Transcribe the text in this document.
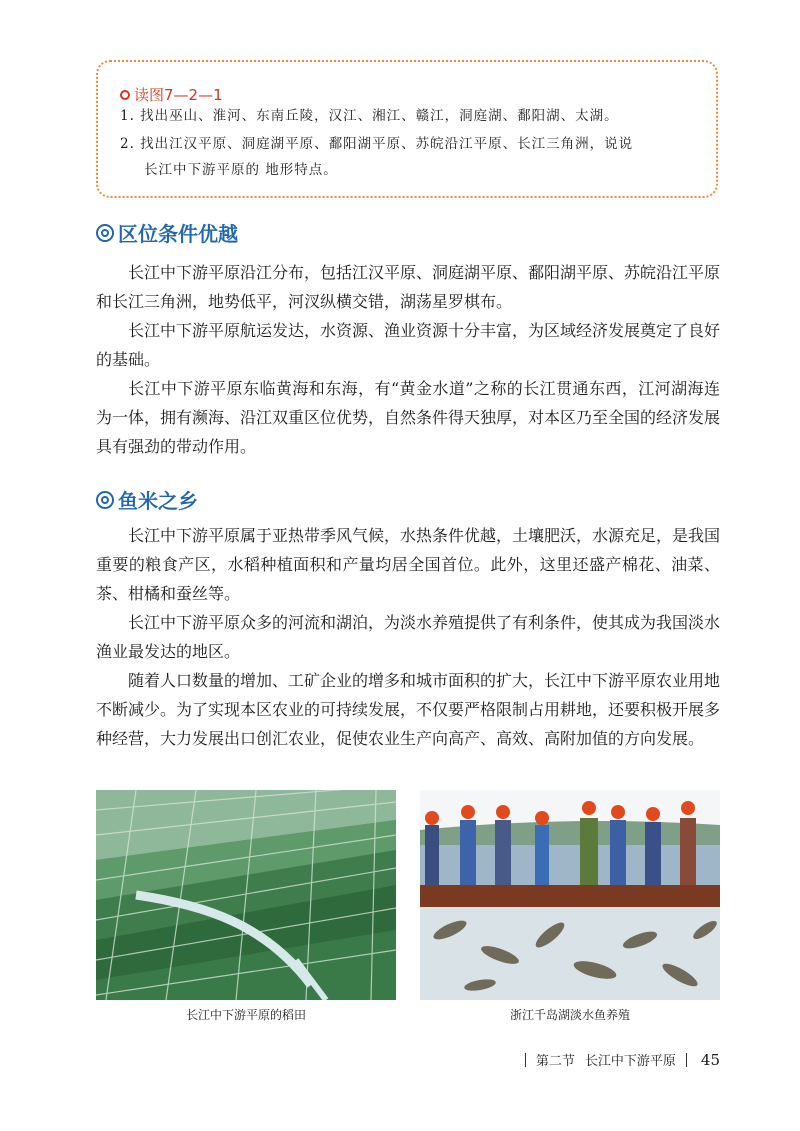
读图7—2—1
1. 找出巫山、淮河、东南丘陵，汉江、湘江、赣江，洞庭湖、鄱阳湖、太湖。
2. 找出江汉平原、洞庭湖平原、鄱阳湖平原、苏皖沿江平原、长江三角洲，说说
长江中下游平原的 地形特点。
区位条件优越

长江中下游平原沿江分布，包括江汉平原、洞庭湖平原、鄱阳湖平原、苏皖沿江平原和长江三角洲，地势低平，河汊纵横交错，湖荡星罗棋布。

长江中下游平原航运发达，水资源、渔业资源十分丰富，为区域经济发展奠定了良好的基础。

长江中下游平原东临黄海和东海，有“黄金水道”之称的长江贯通东西，江河湖海连为一体，拥有濒海、沿江双重区位优势，自然条件得天独厚，对本区乃至全国的经济发展具有强劲的带动作用。

鱼米之乡

长江中下游平原属于亚热带季风气候，水热条件优越，土壤肥沃，水源充足，是我国重要的粮食产区，水稻种植面积和产量均居全国首位。此外，这里还盛产棉花、油菜、茶、柑橘和蚕丝等。

长江中下游平原众多的河流和湖泊，为淡水养殖提供了有利条件，使其成为我国淡水渔业最发达的地区。

随着人口数量的增加、工矿企业的增多和城市面积的扩大，长江中下游平原农业用地不断减少。为了实现本区农业的可持续发展，不仅要严格限制占用耕地，还要积极开展多种经营，大力发展出口创汇农业，促使农业生产向高产、高效、高附加值的方向发展。

长江中下游平原的稻田	浙江千岛湖淡水鱼养殖
第二节 长江中下游平原 45
